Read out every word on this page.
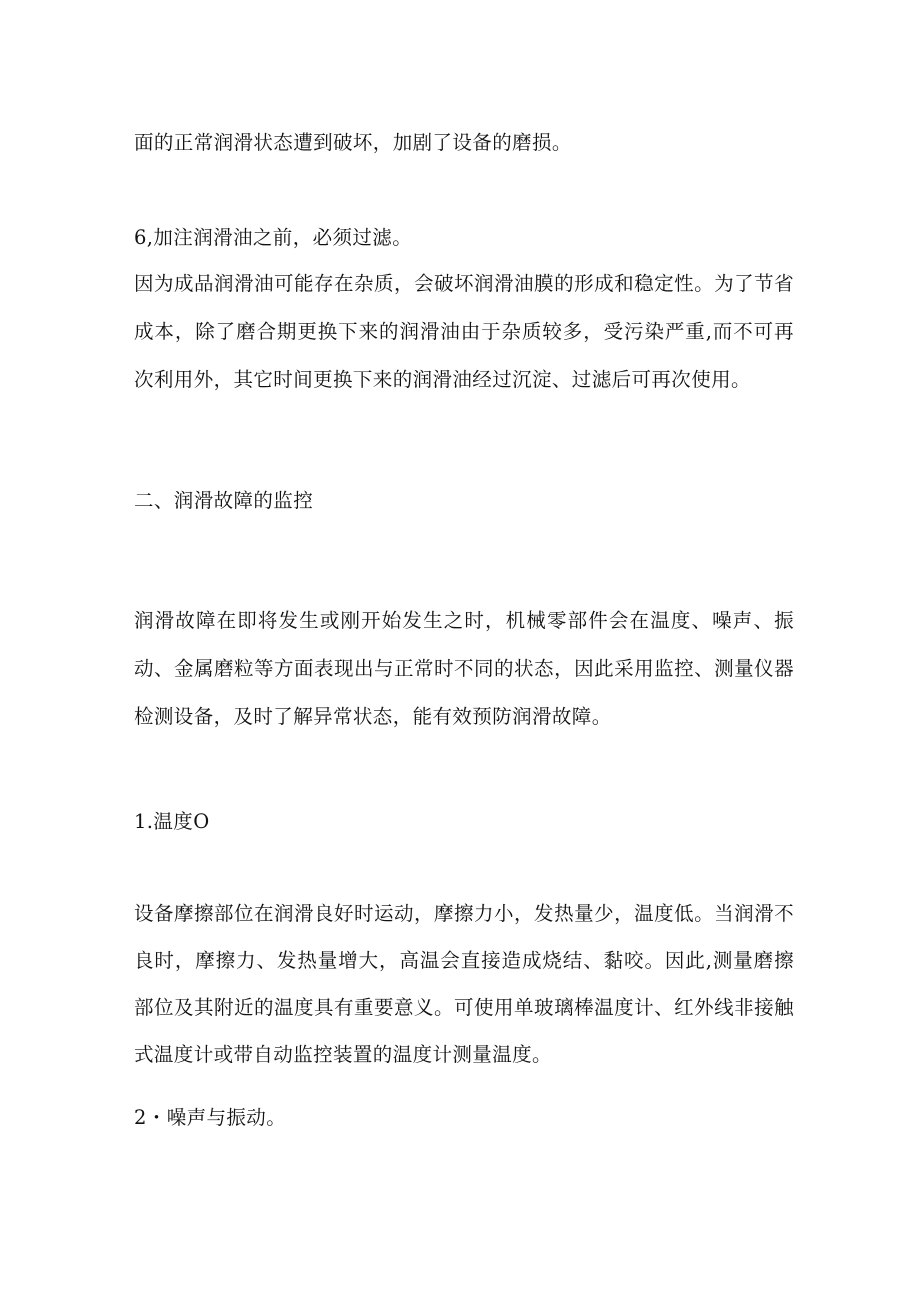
面的正常润滑状态遭到破坏，加剧了设备的磨损。

6,加注润滑油之前，必须过滤。

因为成品润滑油可能存在杂质，会破坏润滑油膜的形成和稳定性。为了节省成本，除了磨合期更换下来的润滑油由于杂质较多，受污染严重,而不可再次利用外，其它时间更换下来的润滑油经过沉淀、过滤后可再次使用。

二、润滑故障的监控

润滑故障在即将发生或刚开始发生之时，机械零部件会在温度、噪声、振动、金属磨粒等方面表现出与正常时不同的状态，因此采用监控、测量仪器检测设备，及时了解异常状态，能有效预防润滑故障。

1.温度O

设备摩擦部位在润滑良好时运动，摩擦力小，发热量少，温度低。当润滑不良时，摩擦力、发热量增大，高温会直接造成烧结、黏咬。因此,测量磨擦部位及其附近的温度具有重要意义。可使用单玻璃棒温度计、红外线非接触式温度计或带自动监控装置的温度计测量温度。

2・噪声与振动。
